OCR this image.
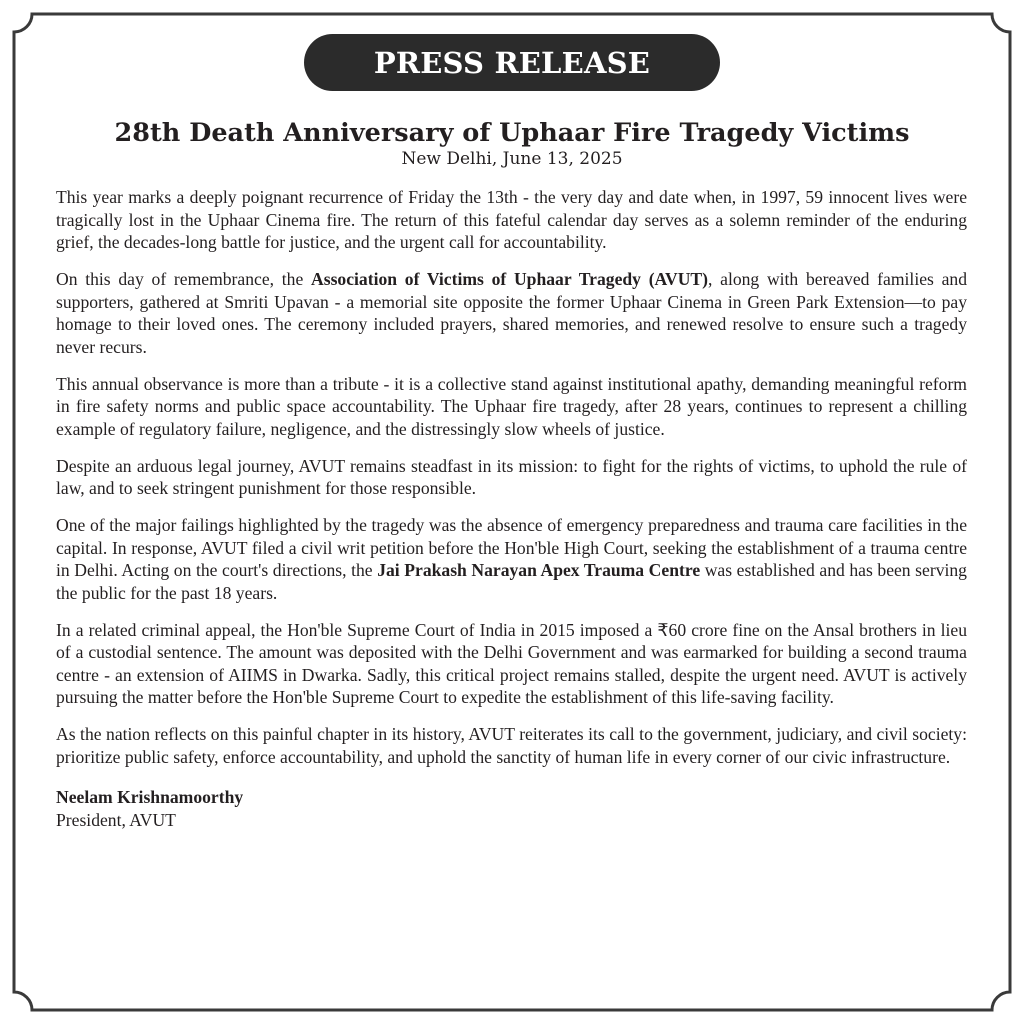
PRESS RELEASE
28th Death Anniversary of Uphaar Fire Tragedy Victims
New Delhi, June 13, 2025

This year marks a deeply poignant recurrence of Friday the 13th - the very day and date when, in 1997, 59 innocent lives were tragically lost in the Uphaar Cinema fire. The return of this fateful calendar day serves as a solemn reminder of the enduring grief, the decades-long battle for justice, and the urgent call for accountability.

On this day of remembrance, the Association of Victims of Uphaar Tragedy (AVUT), along with bereaved families and supporters, gathered at Smriti Upavan - a memorial site opposite the former Uphaar Cinema in Green Park Extension—to pay homage to their loved ones. The ceremony included prayers, shared memories, and renewed resolve to ensure such a tragedy never recurs.

This annual observance is more than a tribute - it is a collective stand against institutional apathy, demanding meaningful reform in fire safety norms and public space accountability. The Uphaar fire tragedy, after 28 years, continues to represent a chilling example of regulatory failure, negligence, and the distressingly slow wheels of justice.

Despite an arduous legal journey, AVUT remains steadfast in its mission: to fight for the rights of victims, to uphold the rule of law, and to seek stringent punishment for those responsible.

One of the major failings highlighted by the tragedy was the absence of emergency preparedness and trauma care facilities in the capital. In response, AVUT filed a civil writ petition before the Hon'ble High Court, seeking the establishment of a trauma centre in Delhi. Acting on the court's directions, the Jai Prakash Narayan Apex Trauma Centre was established and has been serving the public for the past 18 years.

In a related criminal appeal, the Hon'ble Supreme Court of India in 2015 imposed a ₹60 crore fine on the Ansal brothers in lieu of a custodial sentence. The amount was deposited with the Delhi Government and was earmarked for building a second trauma centre - an extension of AIIMS in Dwarka. Sadly, this critical project remains stalled, despite the urgent need. AVUT is actively pursuing the matter before the Hon'ble Supreme Court to expedite the establishment of this life-saving facility.

As the nation reflects on this painful chapter in its history, AVUT reiterates its call to the government, judiciary, and civil society: prioritize public safety, enforce accountability, and uphold the sanctity of human life in every corner of our civic infrastructure.

Neelam Krishnamoorthy
President, AVUT
